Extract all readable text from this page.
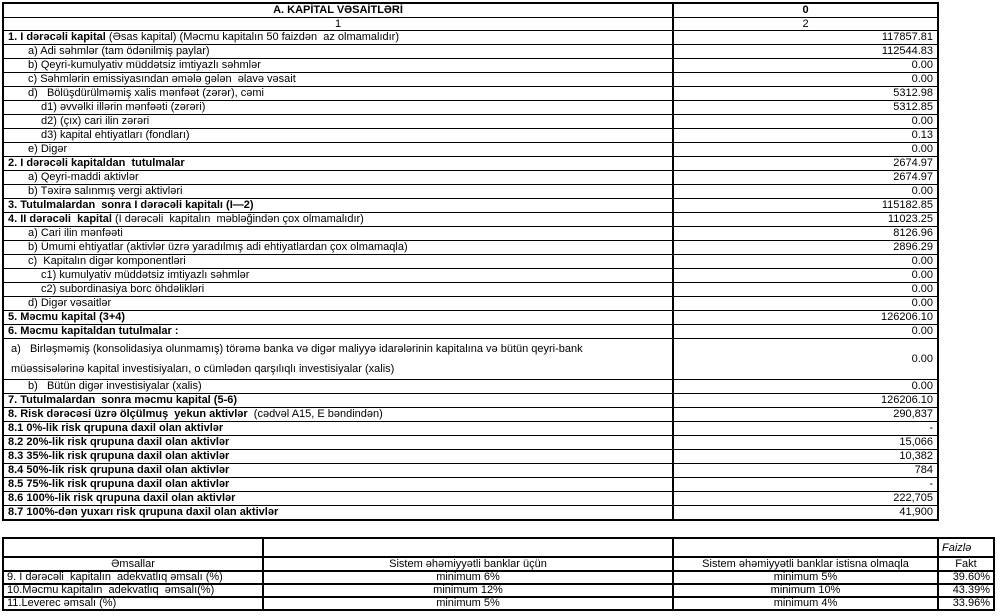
A. KAPİTAL VƏSAİTLƏRİ	0
1	2
1. I dərəcəli kapital (Əsas kapital) (Məcmu kapitalın 50 faizdən  az olmamalıdır)	117857.81
a) Adi səhmlər (tam ödənilmiş paylar)	112544.83
b) Qeyri-kumulyativ müddətsiz imtiyazlı səhmlər	0.00
c) Səhmlərin emissiyasından əmələ gələn  əlavə vəsait	0.00
d)   Bölüşdürülməmiş xalis mənfəət (zərər), cəmi	5312.98
d1) əvvəlki illərin mənfəəti (zərəri)	5312.85
d2) (çıx) cari ilin zərəri	0.00
d3) kapital ehtiyatları (fondları)	0.13
e) Digər	0.00
2. I dərəcəli kapitaldan  tutulmalar	2674.97
a) Qeyri-maddi aktivlər	2674.97
b) Təxirə salınmış vergi aktivləri	0.00
3. Tutulmalardan  sonra I dərəcəli kapitalı (I—2)	115182.85
4. II dərəcəli  kapital (I dərəcəli  kapitalın  məbləğindən çox olmamalıdır)	11023.25
a) Cari ilin mənfəəti	8126.96
b) Ümumi ehtiyatlar (aktivlər üzrə yaradılmış adi ehtiyatlardan çox olmamaqla)	2896.29
c)  Kapitalın digər komponentləri	0.00
c1) kumulyativ müddətsiz imtiyazlı səhmlər	0.00
c2) subordinasiya borc öhdəlikləri	0.00
d) Digər vəsaitlər	0.00
5. Məcmu kapital (3+4)	126206.10
6. Məcmu kapitaldan tutulmalar :	0.00
a)   Birləşməmiş (konsolidasiya olunmamış) törəmə banka və digər maliyyə idarələrinin kapitalına və bütün qeyri-bank müəssisələrinə kapital investisiyaları, o cümlədən qarşılıqlı investisiyalar (xalis)	0.00
b)   Bütün digər investisiyalar (xalis)	0.00
7. Tutulmalardan  sonra məcmu kapital (5-6)	126206.10
8. Risk dərəcəsi üzrə ölçülmuş  yekun aktivlər  (cədvəl A15, E bəndindən)	290,837
8.1 0%-lik risk qrupuna daxil olan aktivlər	-
8.2 20%-lik risk qrupuna daxil olan aktivlər	15,066
8.3 35%-lik risk qrupuna daxil olan aktivlər	10,382
8.4 50%-lik risk qrupuna daxil olan aktivlər	784
8.5 75%-lik risk qrupuna daxil olan aktivlər	-
8.6 100%-lik risk qrupuna daxil olan aktivlər	222,705
8.7 100%-dən yuxarı risk qrupuna daxil olan aktivlər	41,900
			Faizlə
Əmsallar	Sistem əhəmiyyətli banklar üçün	Sistem əhəmiyyətli banklar istisna olmaqla	Fakt
9. I dərəcəli  kapitalın  adekvatlıq əmsalı (%)	minimum 6%	minimum 5%	39.60%
10.Məcmu kapitalın  adekvatlıq  əmsalı(%)	minimum 12%	minimum 10%	43.39%
11.Leverec əmsalı (%)	minimum 5%	minimum 4%	33.96%
